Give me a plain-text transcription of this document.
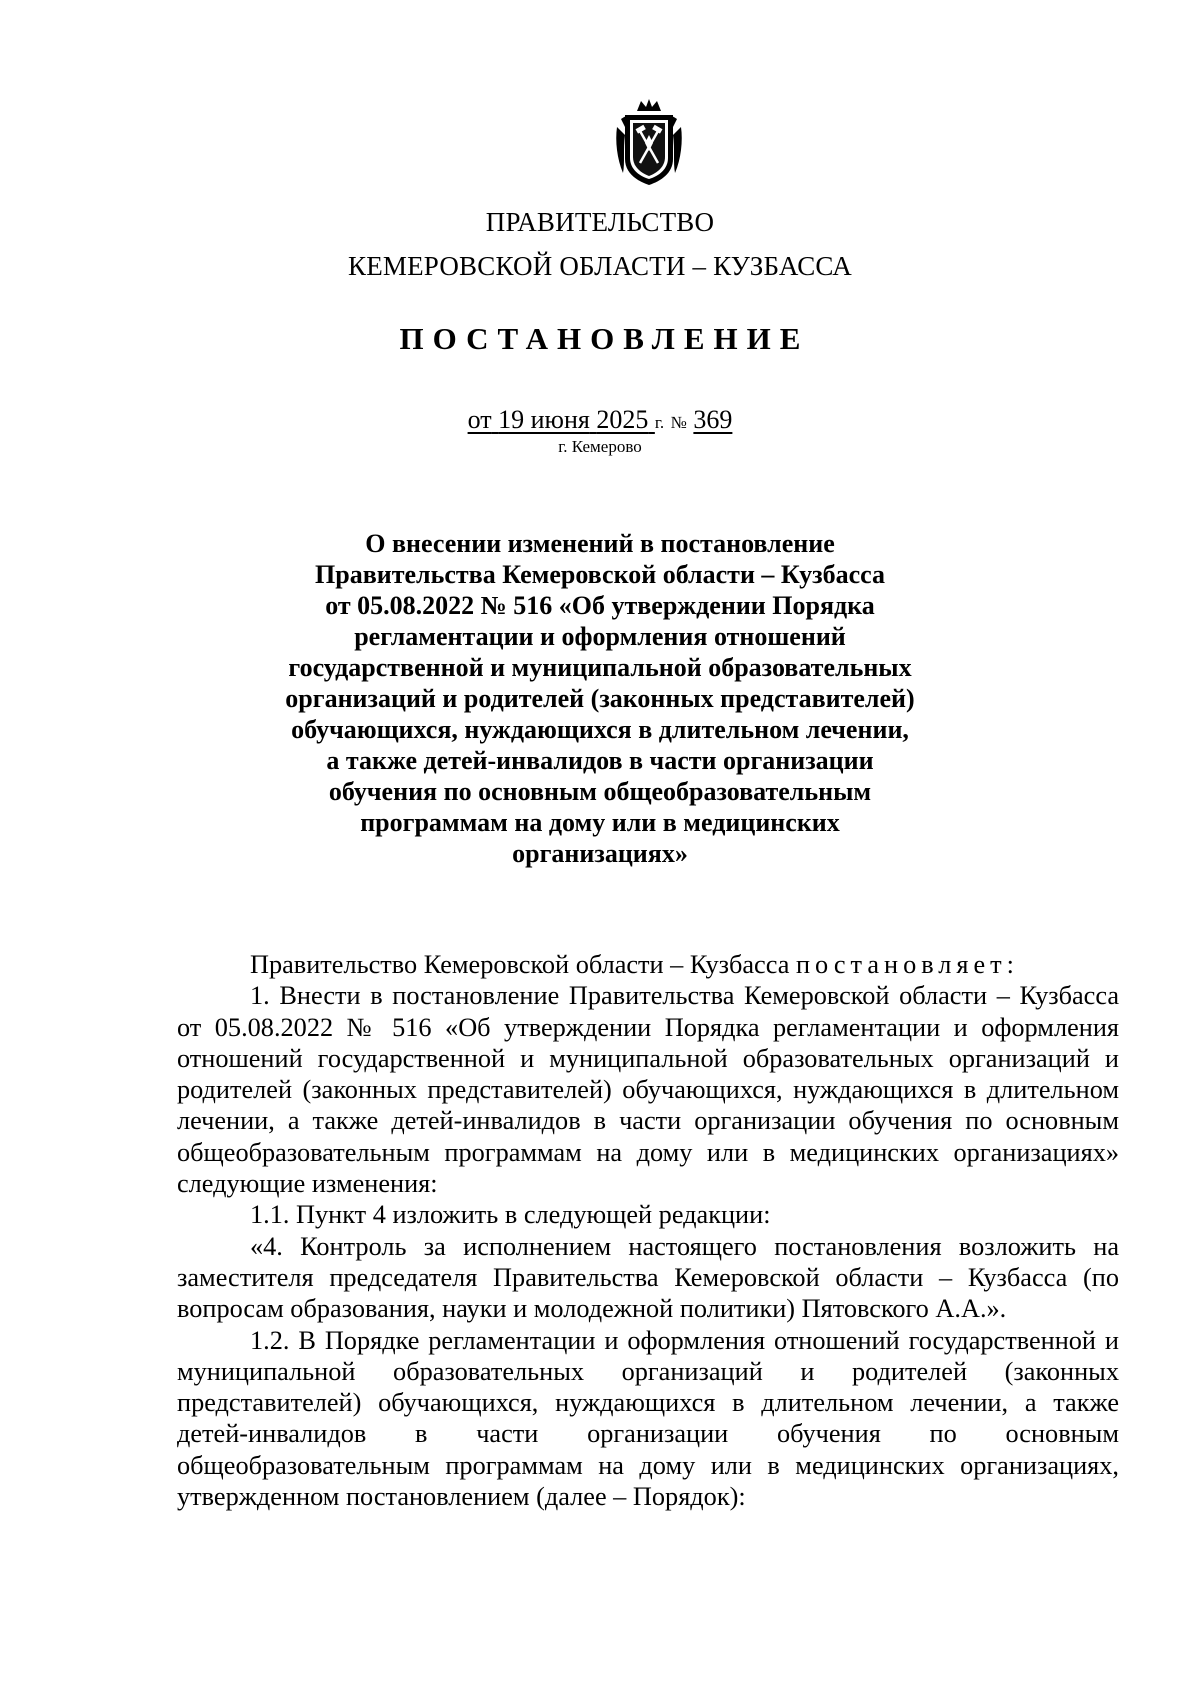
ПРАВИТЕЛЬСТВО
КЕМЕРОВСКОЙ ОБЛАСТИ – КУЗБАССА
ПОСТАНОВЛЕНИЕ
от 19 июня 2025 г. № 369
г. Кемерово
О внесении изменений в постановление
Правительства Кемеровской области – Кузбасса
от 05.08.2022 № 516 «Об утверждении Порядка
регламентации и оформления отношений
государственной и муниципальной образовательных
организаций и родителей (законных представителей)
обучающихся, нуждающихся в длительном лечении,
а также детей-инвалидов в части организации
обучения по основным общеобразовательным
программам на дому или в медицинских
организациях»

Правительство Кемеровской области – Кузбасса постановляет:

1. Внести в постановление Правительства Кемеровской области – Кузбасса от 05.08.2022 № 516 «Об утверждении Порядка регламентации и оформления отношений государственной и муниципальной образовательных организаций и родителей (законных представителей) обучающихся, нуждающихся в длительном лечении, а также детей-инвалидов в части организации обучения по основным общеобразовательным программам на дому или в медицинских организациях» следующие изменения:

1.1. Пункт 4 изложить в следующей редакции:

«4. Контроль за исполнением настоящего постановления возложить на заместителя председателя Правительства Кемеровской области – Кузбасса (по вопросам образования, науки и молодежной политики) Пятовского А.А.».

1.2. В Порядке регламентации и оформления отношений государственной и муниципальной образовательных организаций и родителей (законных представителей) обучающихся, нуждающихся в длительном лечении, а также детей-инвалидов в части организации обучения по основным общеобразовательным программам на дому или в медицинских организациях, утвержденном постановлением (далее – Порядок):
